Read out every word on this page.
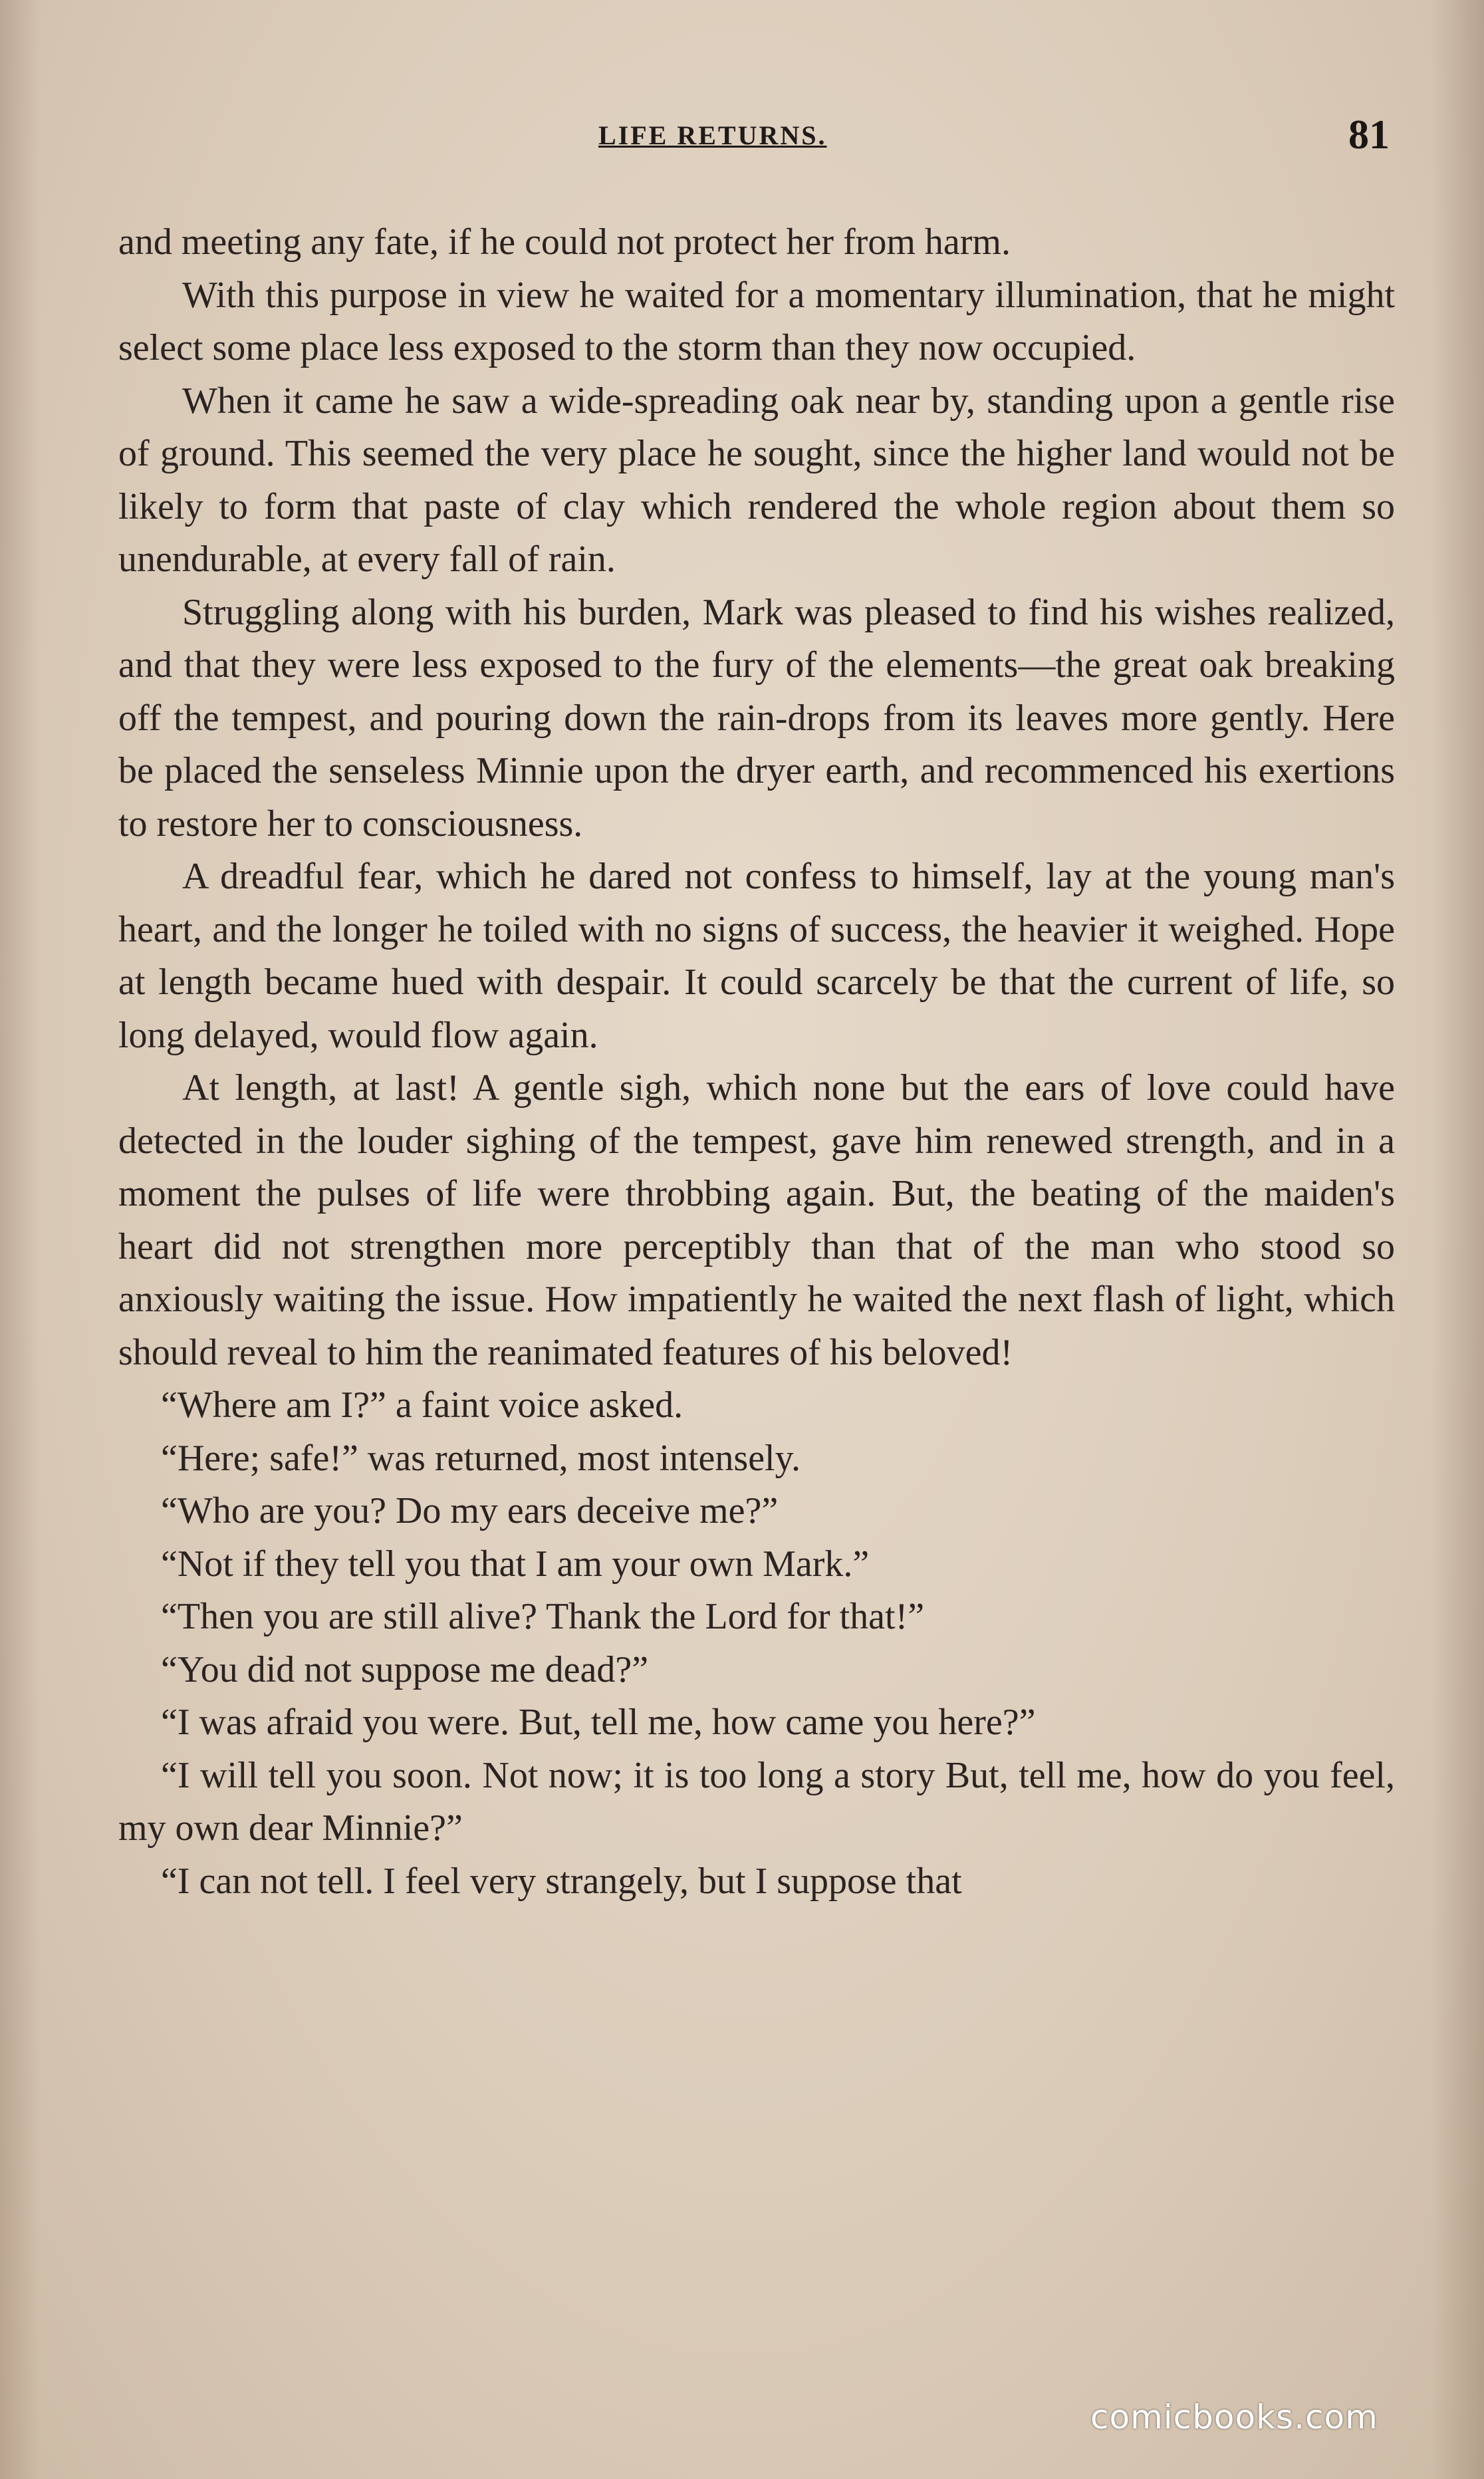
LIFE RETURNS.	81

and meeting any fate, if he could not protect her from harm.

With this purpose in view he waited for a momentary illumination, that he might select some place less exposed to the storm than they now occupied.

When it came he saw a wide-spreading oak near by, standing upon a gentle rise of ground. This seemed the very place he sought, since the higher land would not be likely to form that paste of clay which rendered the whole region about them so unendurable, at every fall of rain.

Struggling along with his burden, Mark was pleased to find his wishes realized, and that they were less exposed to the fury of the elements—the great oak breaking off the tempest, and pouring down the rain-drops from its leaves more gently. Here be placed the senseless Minnie upon the dryer earth, and recommenced his exertions to restore her to consciousness.

A dreadful fear, which he dared not confess to himself, lay at the young man's heart, and the longer he toiled with no signs of success, the heavier it weighed. Hope at length became hued with despair. It could scarcely be that the current of life, so long delayed, would flow again.

At length, at last! A gentle sigh, which none but the ears of love could have detected in the louder sighing of the tempest, gave him renewed strength, and in a moment the pulses of life were throbbing again. But, the beating of the maiden's heart did not strengthen more perceptibly than that of the man who stood so anxiously waiting the issue. How impatiently he waited the next flash of light, which should reveal to him the reanimated features of his beloved!

“Where am I?” a faint voice asked.

“Here; safe!” was returned, most intensely.

“Who are you? Do my ears deceive me?”

“Not if they tell you that I am your own Mark.”

“Then you are still alive? Thank the Lord for that!”

“You did not suppose me dead?”

“I was afraid you were. But, tell me, how came you here?”

“I will tell you soon. Not now; it is too long a story But, tell me, how do you feel, my own dear Minnie?”

“I can not tell. I feel very strangely, but I suppose that

comicbooks.com
